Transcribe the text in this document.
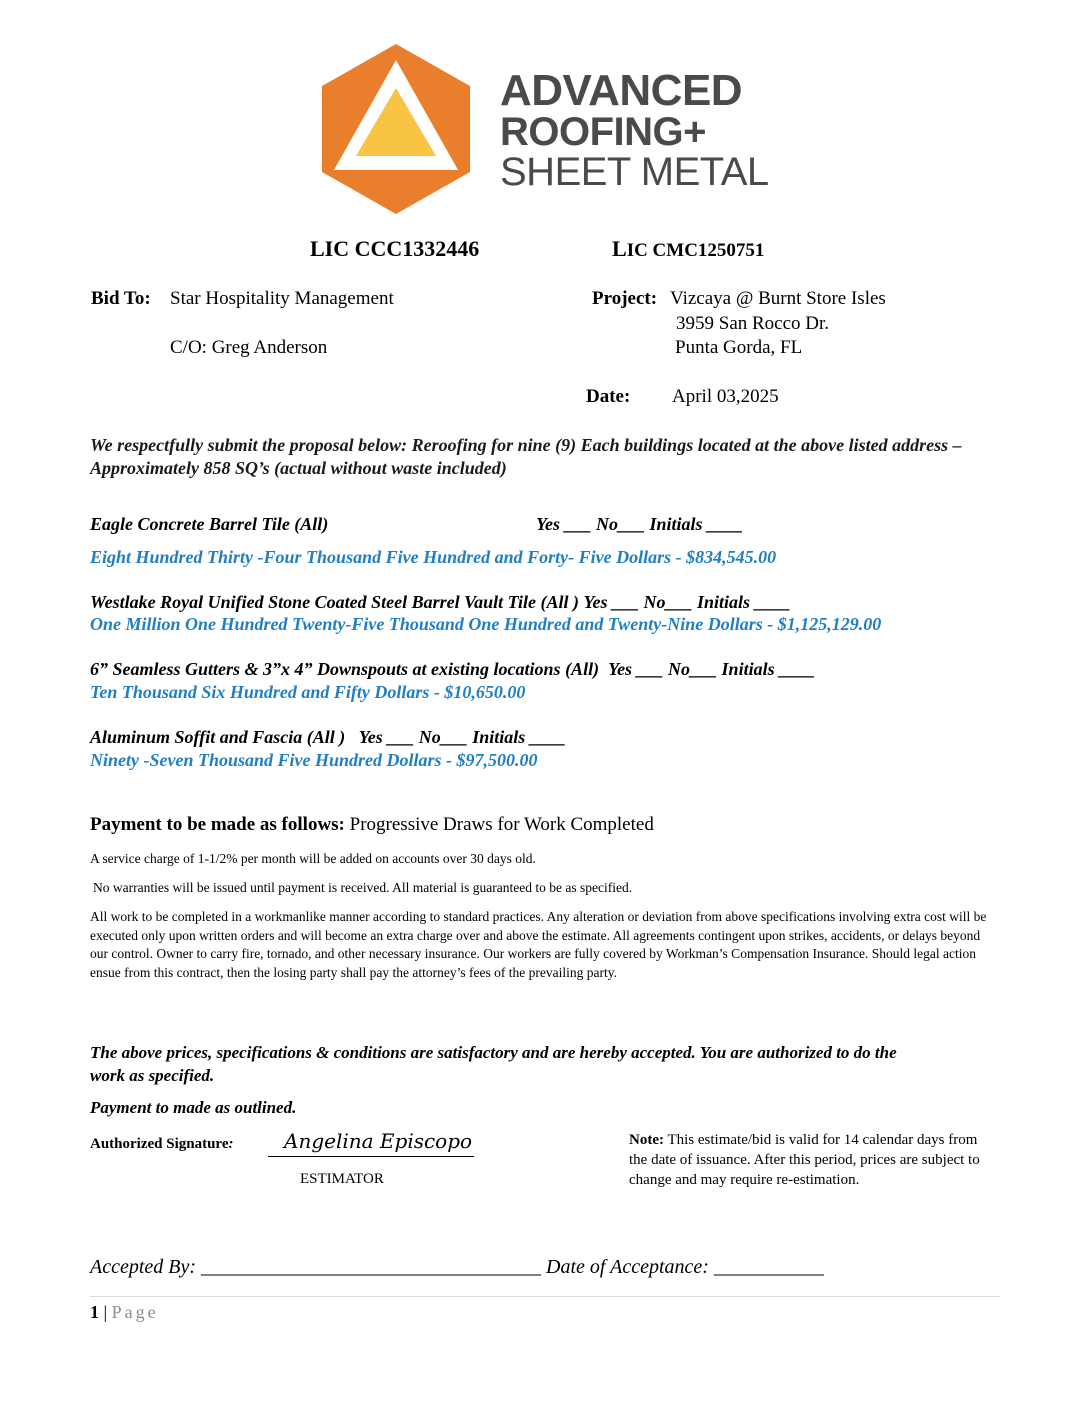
ADVANCED
ROOFING+
SHEET METAL
LIC CCC1332446	LIC CMC1250751
Bid To: Star Hospitality Management
C/O: Greg Anderson
Project: Vizcaya @ Burnt Store Isles
3959 San Rocco Dr.
Punta Gorda, FL
Date: April 03,2025
We respectfully submit the proposal below: Reroofing for nine (9) Each buildings located at the above listed address – Approximately 858 SQ’s (actual without waste included)
Eagle Concrete Barrel Tile (All)	Yes ___ No___ Initials ____
Eight Hundred Thirty -Four Thousand Five Hundred and Forty- Five Dollars - $834,545.00
Westlake Royal Unified Stone Coated Steel Barrel Vault Tile (All ) Yes ___ No___ Initials ____
One Million One Hundred Twenty-Five Thousand One Hundred and Twenty-Nine Dollars - $1,125,129.00
6” Seamless Gutters & 3”x 4” Downspouts at existing locations (All) Yes ___ No___ Initials ____
Ten Thousand Six Hundred and Fifty Dollars - $10,650.00
Aluminum Soffit and Fascia (All ) Yes ___ No___ Initials ____
Ninety -Seven Thousand Five Hundred Dollars - $97,500.00
Payment to be made as follows: Progressive Draws for Work Completed
A service charge of 1-1/2% per month will be added on accounts over 30 days old.
No warranties will be issued until payment is received. All material is guaranteed to be as specified.
All work to be completed in a workmanlike manner according to standard practices. Any alteration or deviation from above specifications involving extra cost will be executed only upon written orders and will become an extra charge over and above the estimate. All agreements contingent upon strikes, accidents, or delays beyond our control. Owner to carry fire, tornado, and other necessary insurance. Our workers are fully covered by Workman’s Compensation Insurance. Should legal action ensue from this contract, then the losing party shall pay the attorney’s fees of the prevailing party.
The above prices, specifications & conditions are satisfactory and are hereby accepted. You are authorized to do the work as specified.
Payment to made as outlined.
Authorized Signature:	Angelina Episcopo
ESTIMATOR
Note: This estimate/bid is valid for 14 calendar days from the date of issuance. After this period, prices are subject to change and may require re-estimation.
Accepted By: __________________________________ Date of Acceptance: ___________
1 | Page
